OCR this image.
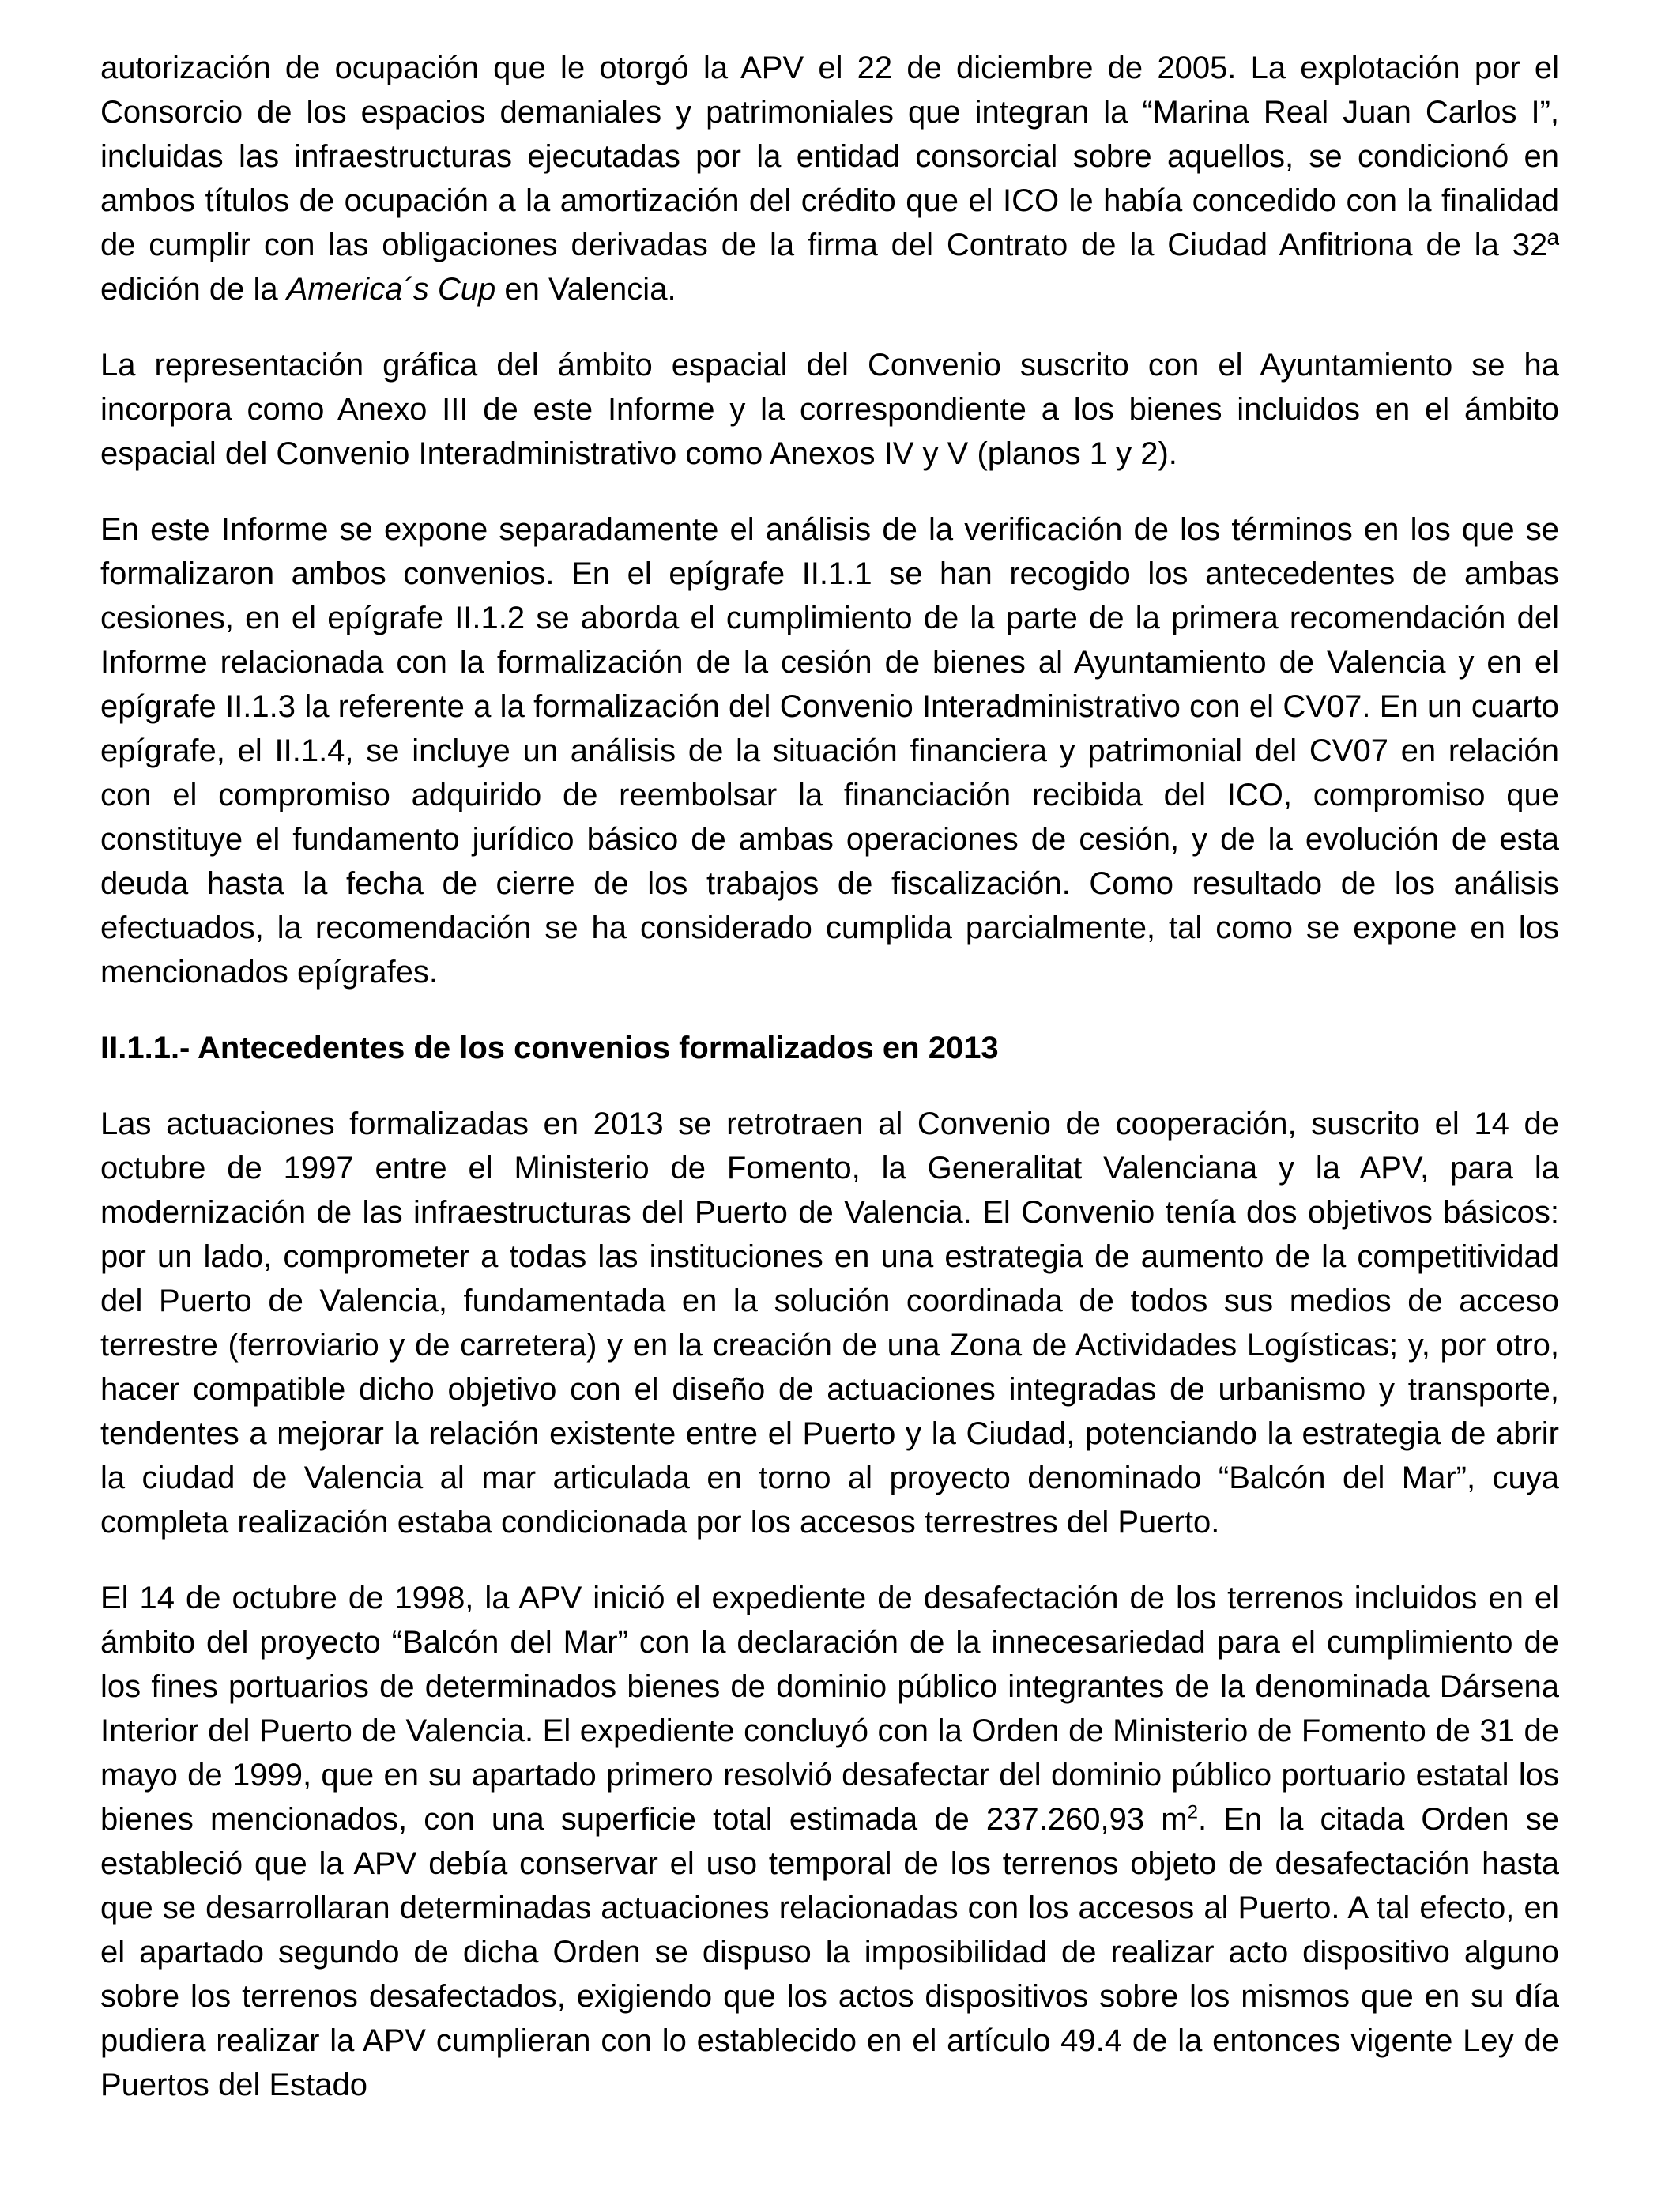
autorización de ocupación que le otorgó la APV el 22 de diciembre de 2005. La explotación por el Consorcio de los espacios demaniales y patrimoniales que integran la “Marina Real Juan Carlos I”, incluidas las infraestructuras ejecutadas por la entidad consorcial sobre aquellos, se condicionó en ambos títulos de ocupación a la amortización del crédito que el ICO le había concedido con la finalidad de cumplir con las obligaciones derivadas de la firma del Contrato de la Ciudad Anfitriona de la 32ª edición de la America´s Cup en Valencia.

La representación gráfica del ámbito espacial del Convenio suscrito con el Ayuntamiento se ha incorpora como Anexo III de este Informe y la correspondiente a los bienes incluidos en el ámbito espacial del Convenio Interadministrativo como Anexos IV y V (planos 1 y 2).

En este Informe se expone separadamente el análisis de la verificación de los términos en los que se formalizaron ambos convenios. En el epígrafe II.1.1 se han recogido los antecedentes de ambas cesiones, en el epígrafe II.1.2 se aborda el cumplimiento de la parte de la primera recomendación del Informe relacionada con la formalización de la cesión de bienes al Ayuntamiento de Valencia y en el epígrafe II.1.3 la referente a la formalización del Convenio Interadministrativo con el CV07. En un cuarto epígrafe, el II.1.4, se incluye un análisis de la situación financiera y patrimonial del CV07 en relación con el compromiso adquirido de reembolsar la financiación recibida del ICO, compromiso que constituye el fundamento jurídico básico de ambas operaciones de cesión, y de la evolución de esta deuda hasta la fecha de cierre de los trabajos de fiscalización. Como resultado de los análisis efectuados, la recomendación se ha considerado cumplida parcialmente, tal como se expone en los mencionados epígrafes.

II.1.1.- Antecedentes de los convenios formalizados en 2013

Las actuaciones formalizadas en 2013 se retrotraen al Convenio de cooperación, suscrito el 14 de octubre de 1997 entre el Ministerio de Fomento, la Generalitat Valenciana y la APV, para la modernización de las infraestructuras del Puerto de Valencia. El Convenio tenía dos objetivos básicos: por un lado, comprometer a todas las instituciones en una estrategia de aumento de la competitividad del Puerto de Valencia, fundamentada en la solución coordinada de todos sus medios de acceso terrestre (ferroviario y de carretera) y en la creación de una Zona de Actividades Logísticas; y, por otro, hacer compatible dicho objetivo con el diseño de actuaciones integradas de urbanismo y transporte, tendentes a mejorar la relación existente entre el Puerto y la Ciudad, potenciando la estrategia de abrir la ciudad de Valencia al mar articulada en torno al proyecto denominado “Balcón del Mar”, cuya completa realización estaba condicionada por los accesos terrestres del Puerto.

El 14 de octubre de 1998, la APV inició el expediente de desafectación de los terrenos incluidos en el ámbito del proyecto “Balcón del Mar” con la declaración de la innecesariedad para el cumplimiento de los fines portuarios de determinados bienes de dominio público integrantes de la denominada Dársena Interior del Puerto de Valencia. El expediente concluyó con la Orden de Ministerio de Fomento de 31 de mayo de 1999, que en su apartado primero resolvió desafectar del dominio público portuario estatal los bienes mencionados, con una superficie total estimada de 237.260,93 $m^2$. En la citada Orden se estableció que la APV debía conservar el uso temporal de los terrenos objeto de desafectación hasta que se desarrollaran determinadas actuaciones relacionadas con los accesos al Puerto. A tal efecto, en el apartado segundo de dicha Orden se dispuso la imposibilidad de realizar acto dispositivo alguno sobre los terrenos desafectados, exigiendo que los actos dispositivos sobre los mismos que en su día pudiera realizar la APV cumplieran con lo establecido en el artículo 49.4 de la entonces vigente Ley de Puertos del Estado
